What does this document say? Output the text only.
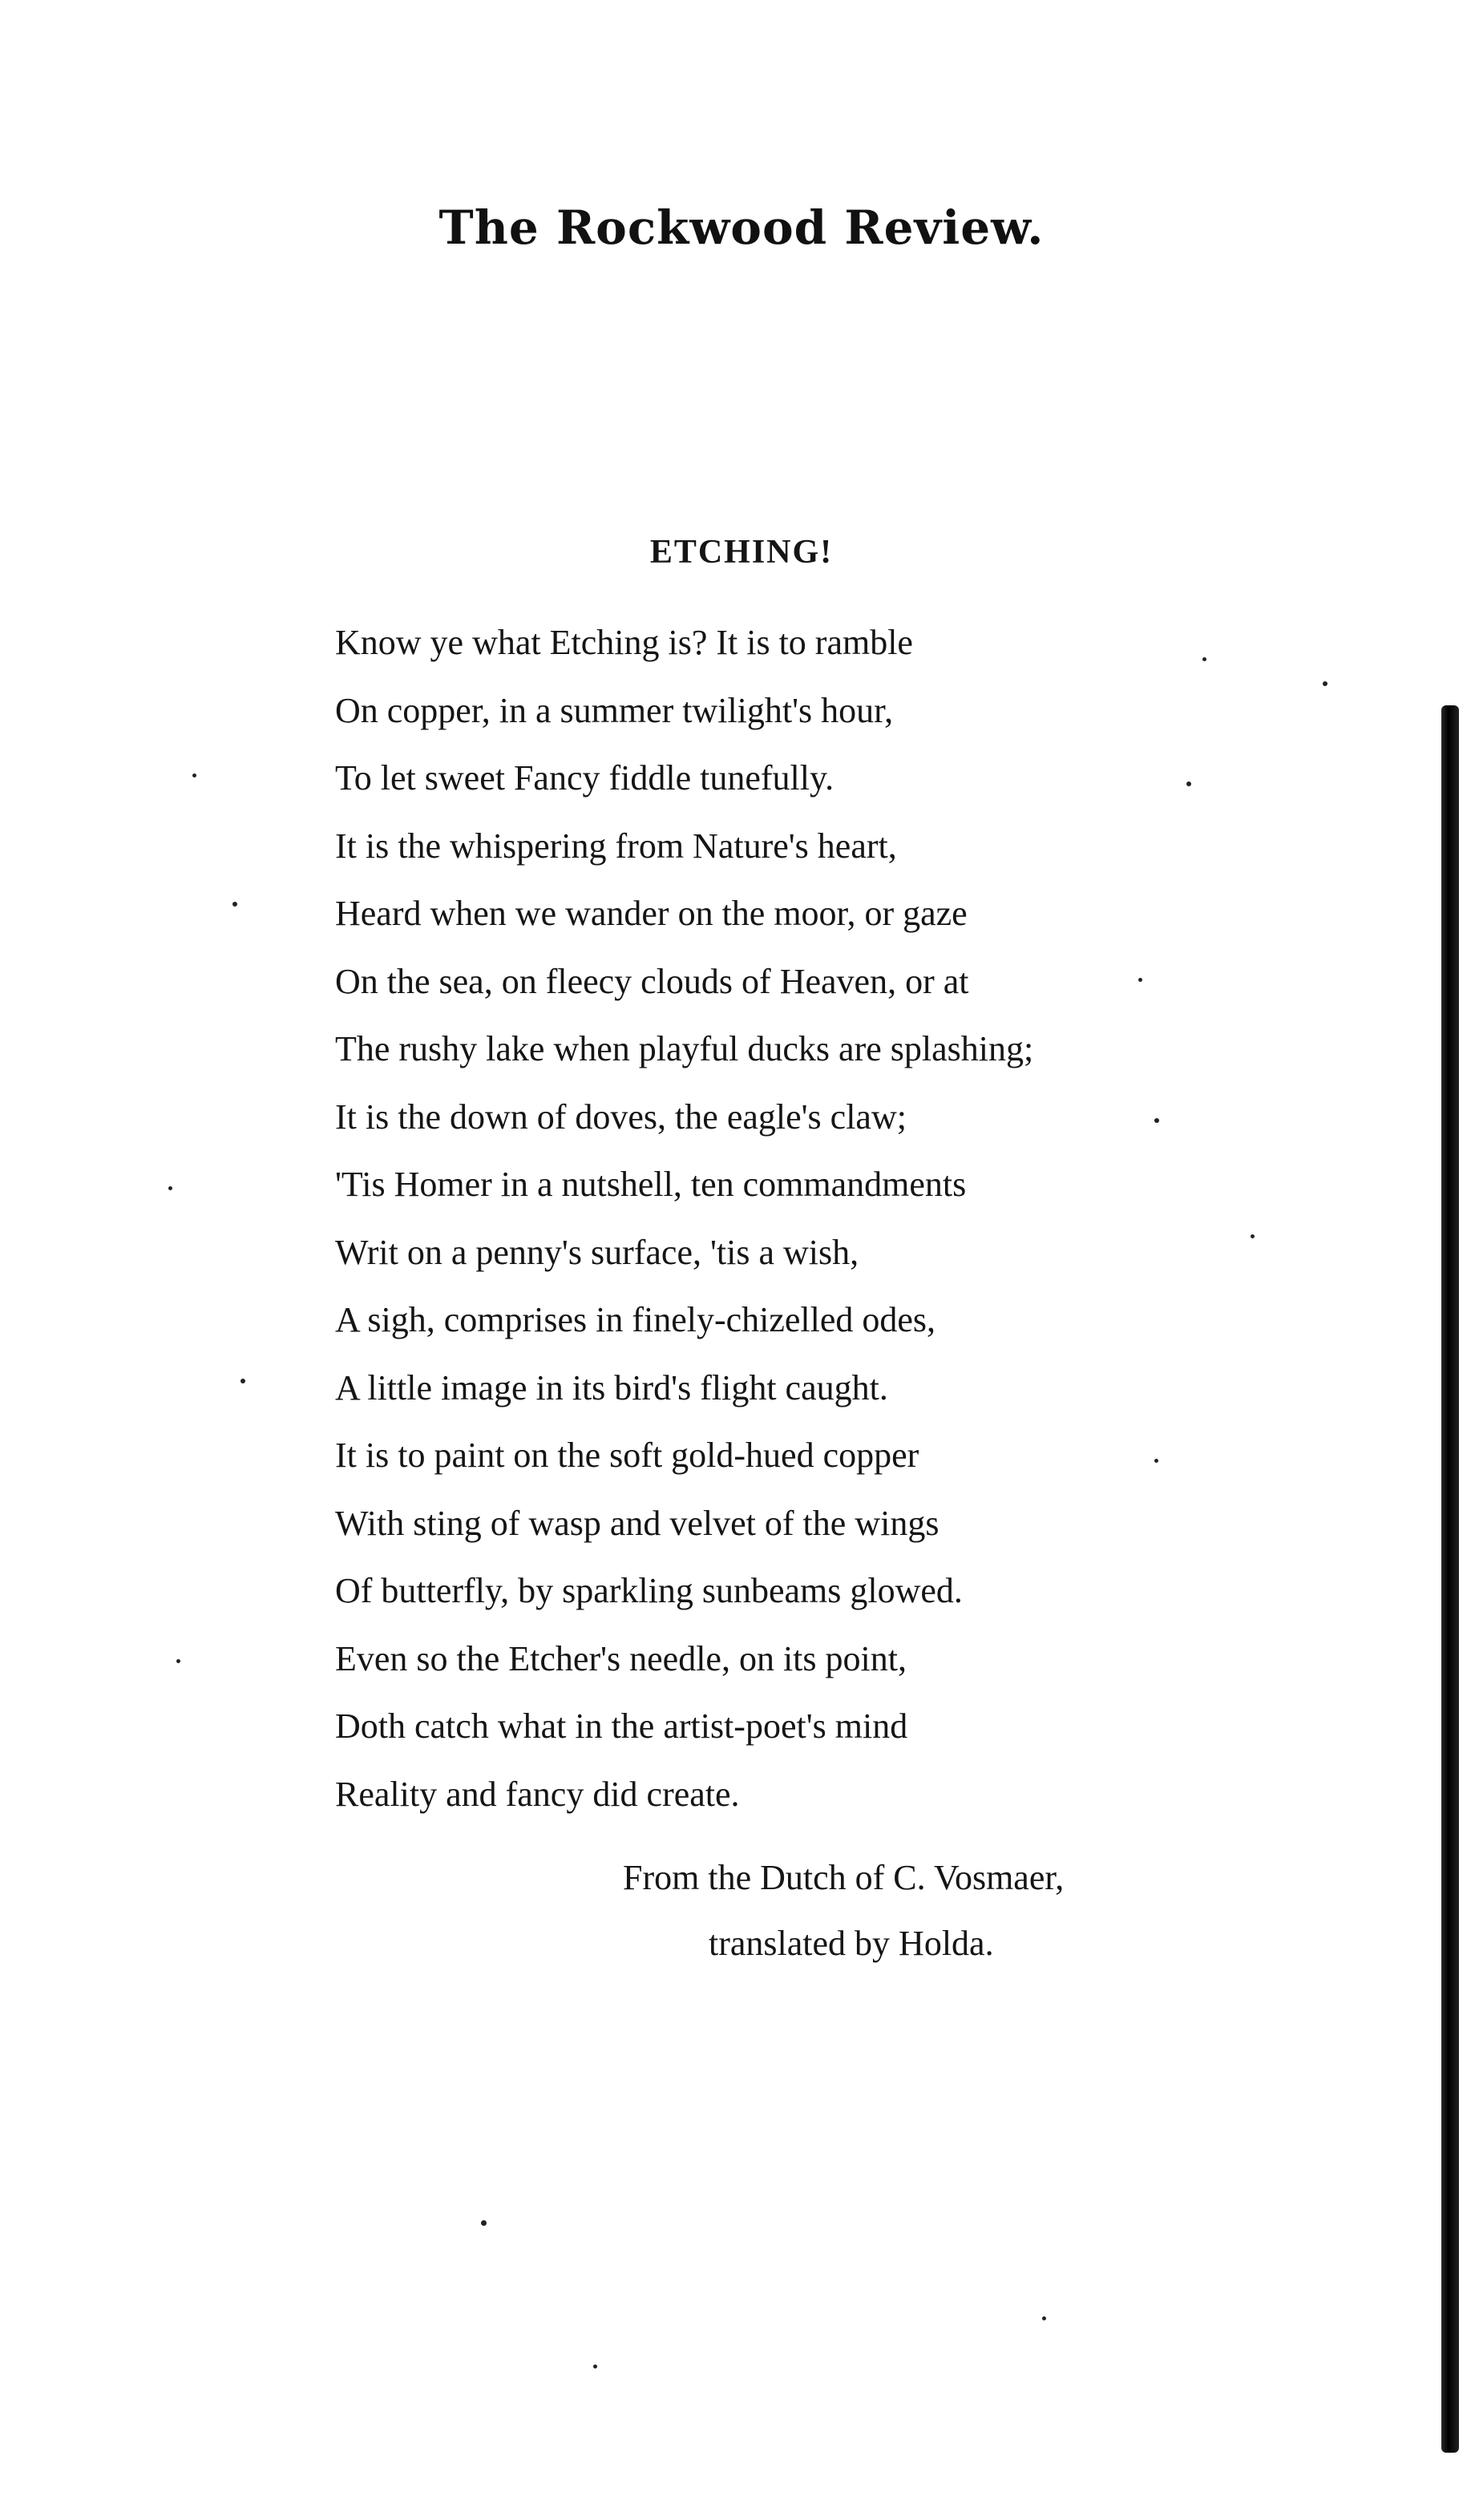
The Rockwood Review.
ETCHING!
Know ye what Etching is? It is to ramble
On copper, in a summer twilight's hour,
To let sweet Fancy fiddle tunefully.
It is the whispering from Nature's heart,
Heard when we wander on the moor, or gaze
On the sea, on fleecy clouds of Heaven, or at
The rushy lake when playful ducks are splashing;
It is the down of doves, the eagle's claw;
'Tis Homer in a nutshell, ten commandments
Writ on a penny's surface, 'tis a wish,
A sigh, comprises in finely-chizelled odes,
A little image in its bird's flight caught.
It is to paint on the soft gold-hued copper
With sting of wasp and velvet of the wings
Of butterfly, by sparkling sunbeams glowed.
Even so the Etcher's needle, on its point,
Doth catch what in the artist-poet's mind
Reality and fancy did create.
From the Dutch of C. Vosmaer,
translated by Holda.
